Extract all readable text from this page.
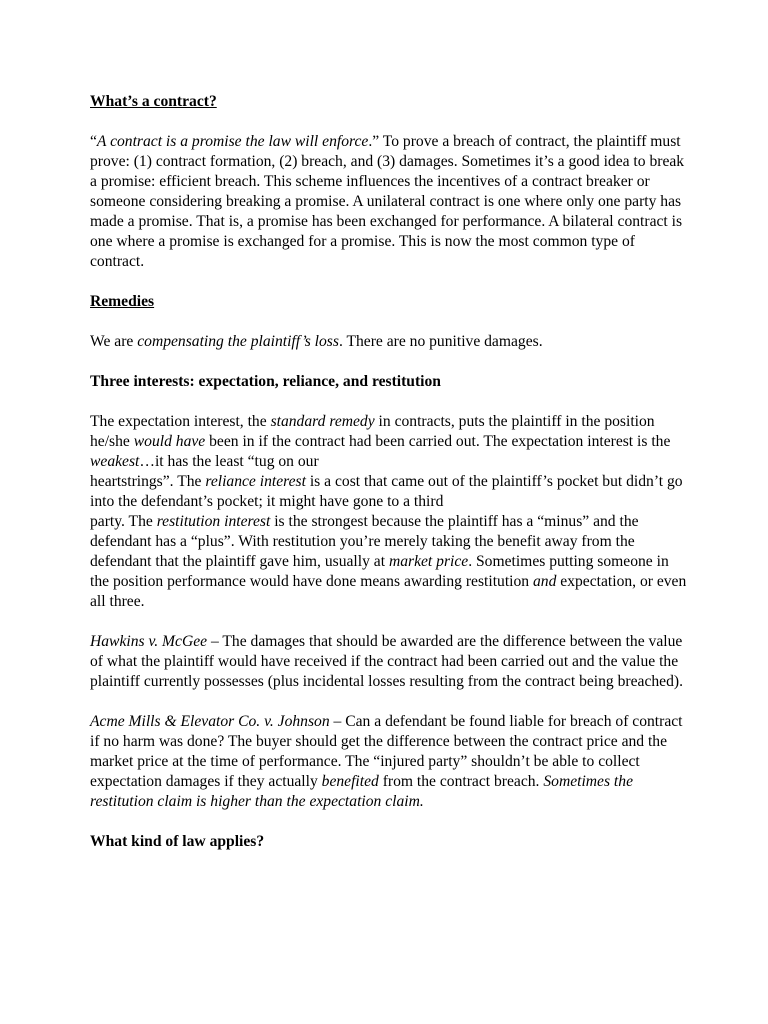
What’s a contract?

“A contract is a promise the law will enforce.” To prove a breach of contract, the plaintiff must prove: (1) contract formation, (2) breach, and (3) damages. Sometimes it’s a good idea to break a promise: efficient breach. This scheme influences the incentives of a contract breaker or someone considering breaking a promise. A unilateral contract is one where only one party has made a promise. That is, a promise has been exchanged for performance. A bilateral contract is one where a promise is exchanged for a promise. This is now the most common type of contract.

Remedies

We are compensating the plaintiff’s loss. There are no punitive damages.

Three interests: expectation, reliance, and restitution

The expectation interest, the standard remedy in contracts, puts the plaintiff in the position he/she would have been in if the contract had been carried out. The expectation interest is the weakest…it has the least “tug on our
heartstrings”. The reliance interest is a cost that came out of the plaintiff’s pocket but didn’t go into the defendant’s pocket; it might have gone to a third
party. The restitution interest is the strongest because the plaintiff has a “minus” and the defendant has a “plus”. With restitution you’re merely taking the benefit away from the defendant that the plaintiff gave him, usually at market price. Sometimes putting someone in the position performance would have done means awarding restitution and expectation, or even all three.

Hawkins v. McGee – The damages that should be awarded are the difference between the value of what the plaintiff would have received if the contract had been carried out and the value the plaintiff currently possesses (plus incidental losses resulting from the contract being breached).

Acme Mills & Elevator Co. v. Johnson – Can a defendant be found liable for breach of contract if no harm was done? The buyer should get the difference between the contract price and the market price at the time of performance. The “injured party” shouldn’t be able to collect expectation damages if they actually benefited from the contract breach. Sometimes the restitution claim is higher than the expectation claim.

What kind of law applies?
